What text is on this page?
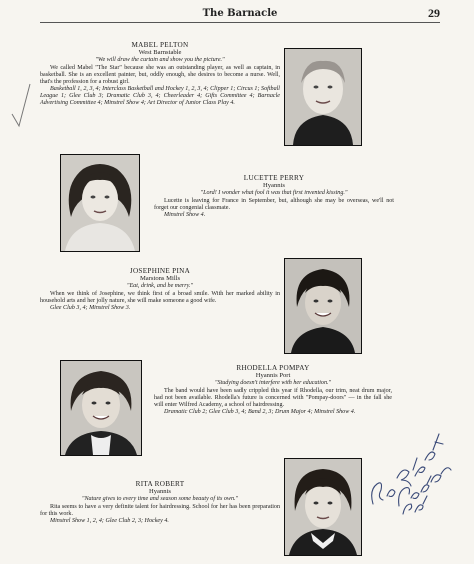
The Barnacle	29
MABEL PELTON
West Barnstable
"We will draw the curtain and show you the picture."
We called Mabel "The Star" because she was an outstanding player, as well as captain, in basketball. She is an excellent painter, but, oddly enough, she desires to become a nurse. Well, that's the profession for a robust girl.
Basketball 1, 2, 3, 4; Interclass Basketball and Hockey 1, 2, 3, 4; Clipper 1; Circus 1; Softball League 1; Glee Club 3; Dramatic Club 3, 4; Cheerleader 4; Gifts Committee 4; Barnacle Advertising Committee 4; Minstrel Show 4; Art Director of Junior Class Play 4.
LUCETTE PERRY
Hyannis
"Lord! I wonder what fool it was that first invented kissing."
Lucette is leaving for France in September, but, although she may be overseas, we'll not forget our congenial classmate.
Minstrel Show 4.
JOSEPHINE PINA
Marstons Mills
"Eat, drink, and be merry."
When we think of Josephine, we think first of a broad smile. With her marked ability in household arts and her jolly nature, she will make someone a good wife.
Glee Club 3, 4; Minstrel Show 3.
RHODELLA POMPAY
Hyannis Port
"Studying doesn't interfere with her education."
The band would have been sadly crippled this year if Rhodella, our trim, neat drum major, had not been available. Rhodella's future is concerned with "Pompay-doors" — in the fall she will enter Wilfred Academy, a school of hairdressing.
Dramatic Club 2; Glee Club 3, 4; Band 2, 3; Drum Major 4; Minstrel Show 4.
RITA ROBERT
Hyannis
"Nature gives to every time and season some beauty of its own."
Rita seems to have a very definite talent for hairdressing. School for her has been preparation for this work.
Minstrel Show 1, 2, 4; Glee Club 2, 3; Hockey 4.
